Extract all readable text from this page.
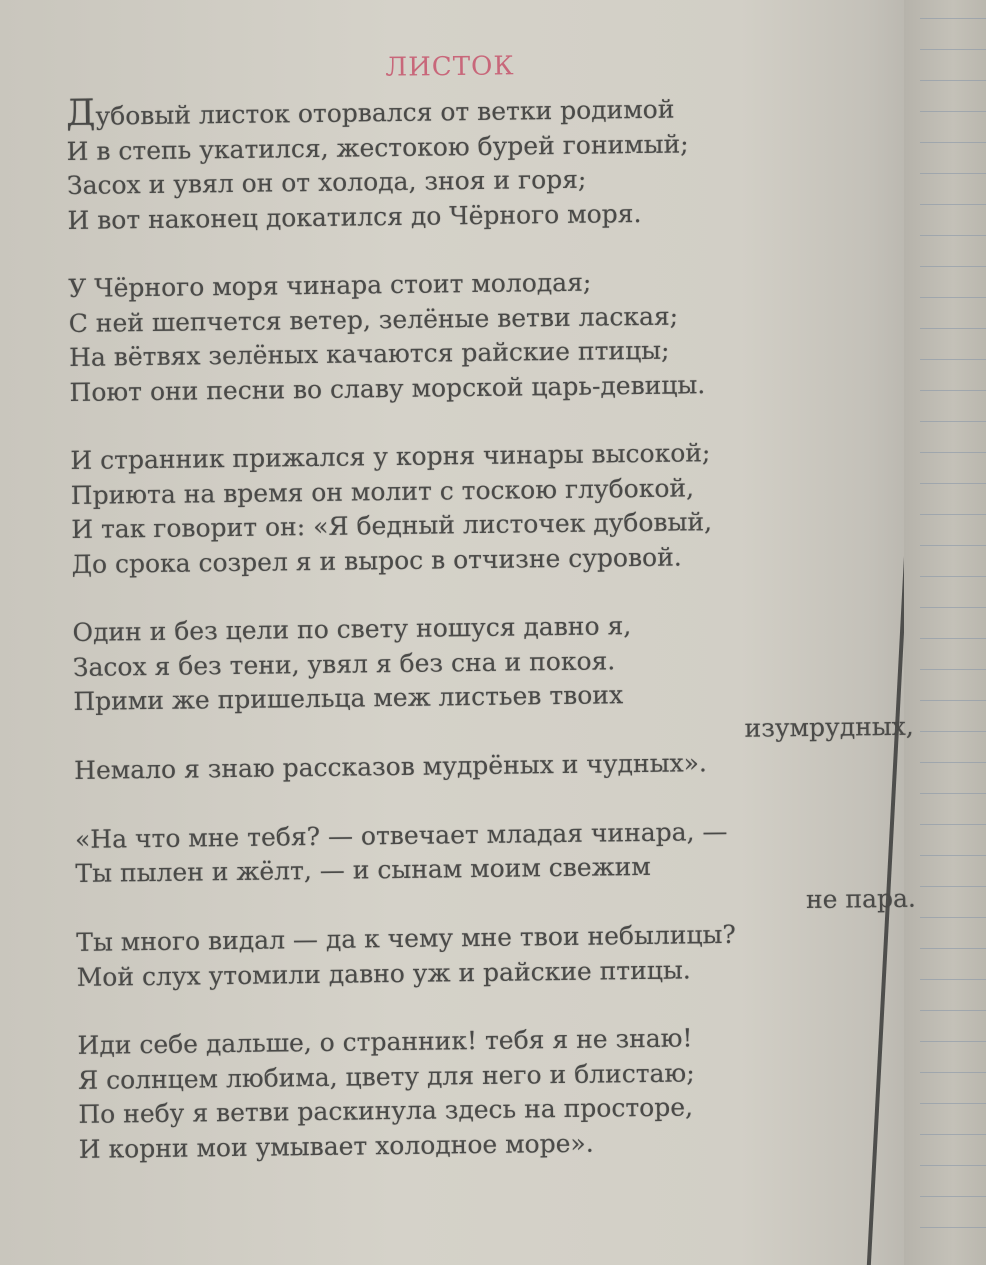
ЛИСТОК
Дубовый листок оторвался от ветки родимой
И в степь укатился, жестокою бурей гонимый;
Засох и увял он от холода, зноя и горя;
И вот наконец докатился до Чёрного моря.
У Чёрного моря чинара стоит молодая;
С ней шепчется ветер, зелёные ветви лаская;
На вётвях зелёных качаются райские птицы;
Поют они песни во славу морской царь-девицы.
И странник прижался у корня чинары высокой;
Приюта на время он молит с тоскою глубокой,
И так говорит он: «Я бедный листочек дубовый,
До срока созрел я и вырос в отчизне суровой.
Один и без цели по свету ношуся давно я,
Засох я без тени, увял я без сна и покоя.
Прими же пришельца меж листьев твоих
изумрудных,
Немало я знаю рассказов мудрёных и чудных».
«На что мне тебя? — отвечает младая чинара, —
Ты пылен и жёлт, — и сынам моим свежим
не пара.
Ты много видал — да к чему мне твои небылицы?
Мой слух утомили давно уж и райские птицы.
Иди себе дальше, о странник! тебя я не знаю!
Я солнцем любима, цвету для него и блистаю;
По небу я ветви раскинула здесь на просторе,
И корни мои умывает холодное море».
